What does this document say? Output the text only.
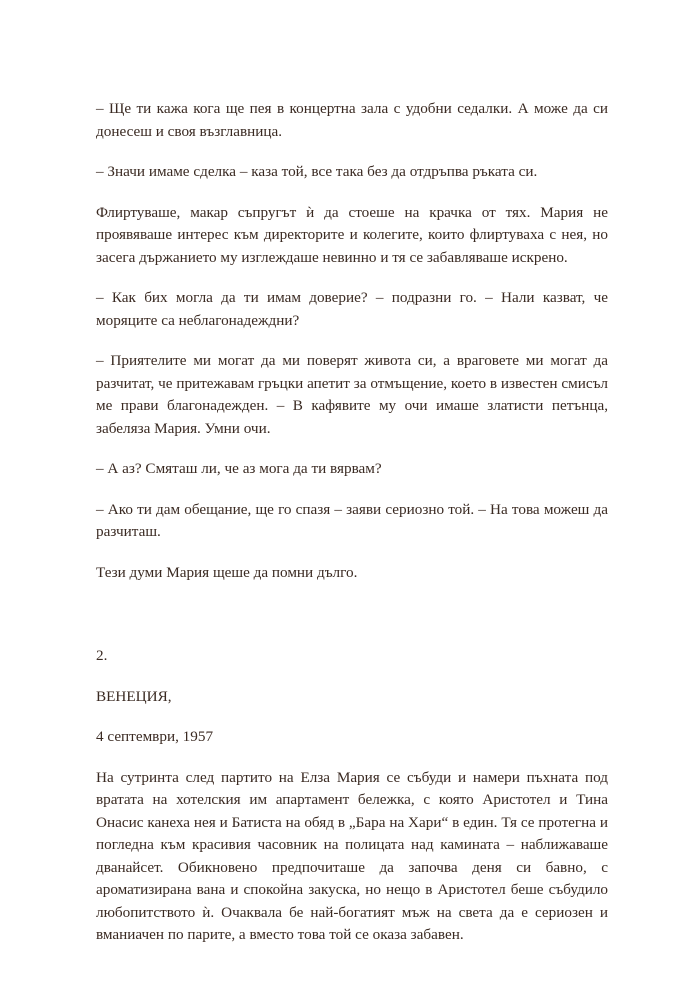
– Ще ти кажа кога ще пея в концертна зала с удобни седалки. А може да си донесеш и своя възглавница.

– Значи имаме сделка – каза той, все така без да отдръпва ръката си.

Флиртуваше, макар съпругът ѝ да стоеше на крачка от тях. Мария не проявяваше интерес към директорите и колегите, които флиртуваха с нея, но засега държанието му изглеждаше невинно и тя се забавляваше искрено.

– Как бих могла да ти имам доверие? – подразни го. – Нали казват, че моряците са неблагонадеждни?

– Приятелите ми могат да ми поверят живота си, а враговете ми могат да разчитат, че притежавам гръцки апетит за отмъщение, което в известен смисъл ме прави благонадежден. – В кафявите му очи имаше златисти петънца, забеляза Мария. Умни очи.

– А аз? Смяташ ли, че аз мога да ти вярвам?

– Ако ти дам обещание, ще го спазя – заяви сериозно той. – На това можеш да разчиташ.

Тези думи Мария щеше да помни дълго.

2.

ВЕНЕЦИЯ,

4 септември, 1957

На сутринта след партито на Елза Мария се събуди и намери пъхната под вратата на хотелския им апартамент бележка, с която Аристотел и Тина Онасис канеха нея и Батиста на обяд в „Бара на Хари“ в един. Тя се протегна и погледна към красивия часовник на полицата над камината – наближаваше дванайсет. Обикновено предпочиташе да започва деня си бавно, с ароматизирана вана и спокойна закуска, но нещо в Аристотел беше събудило любопитството ѝ. Очаквала бе най-богатият мъж на света да е сериозен и вманиачен по парите, а вместо това той се оказа забавен.
